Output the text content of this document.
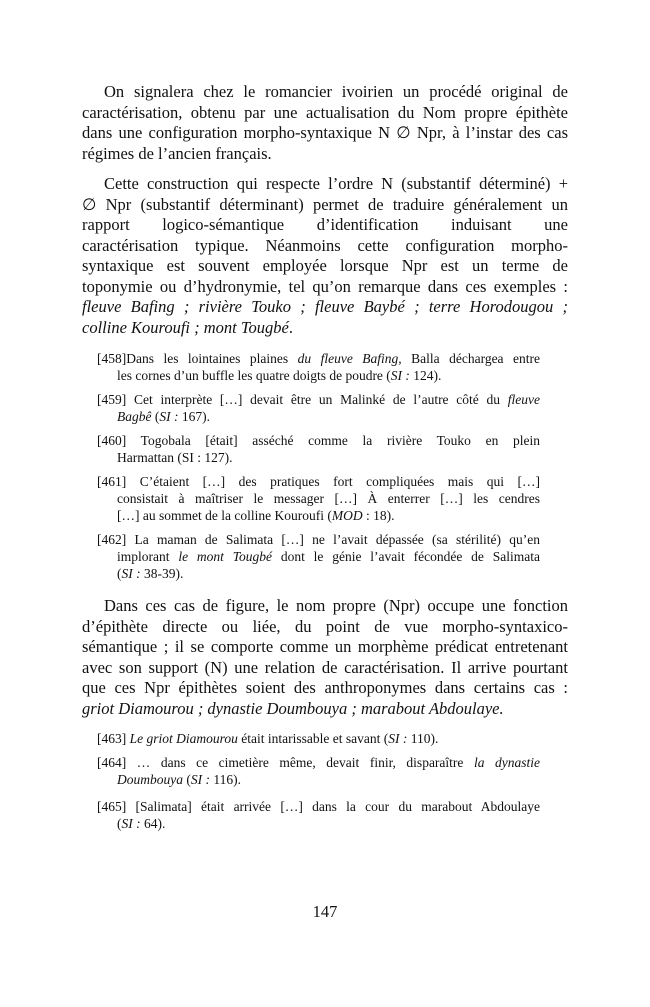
On signalera chez le romancier ivoirien un procédé original de
caractérisation, obtenu par une actualisation du Nom propre épithète
dans une configuration morpho-syntaxique N ∅ Npr, à l’instar des cas
régimes de l’ancien français.
Cette construction qui respecte l’ordre N (substantif déterminé) +
∅ Npr (substantif déterminant) permet de traduire généralement un
rapport logico-sémantique d’identification induisant une
caractérisation typique. Néanmoins cette configuration morpho-
syntaxique est souvent employée lorsque Npr est un terme de
toponymie ou d’hydronymie, tel qu’on remarque dans ces exemples :
fleuve Bafing ; rivière Touko ; fleuve Baybé ; terre Horodougou ;
colline Kouroufi ; mont Tougbé.
[458]Dans les lointaines plaines du fleuve Bafing, Balla déchargea entre
les cornes d’un buffle les quatre doigts de poudre (SI : 124).
[459] Cet interprète […] devait être un Malinké de l’autre côté du fleuve
Bagbê (SI : 167).
[460] Togobala [était] asséché comme la rivière Touko en plein
Harmattan (SI : 127).
[461] C’étaient […] des pratiques fort compliquées mais qui […]
consistait à maîtriser le messager […] À enterrer […] les cendres
[…] au sommet de la colline Kouroufi (MOD : 18).
[462] La maman de Salimata […] ne l’avait dépassée (sa stérilité) qu’en
implorant le mont Tougbé dont le génie l’avait fécondée de Salimata
(SI : 38-39).
Dans ces cas de figure, le nom propre (Npr) occupe une fonction
d’épithète directe ou liée, du point de vue morpho-syntaxico-
sémantique ; il se comporte comme un morphème prédicat entretenant
avec son support (N) une relation de caractérisation. Il arrive pourtant
que ces Npr épithètes soient des anthroponymes dans certains cas :
griot Diamourou ; dynastie Doumbouya ; marabout Abdoulaye.
[463] Le griot Diamourou était intarissable et savant (SI : 110).
[464] … dans ce cimetière même, devait finir, disparaître la dynastie
Doumbouya (SI : 116).
[465] [Salimata] était arrivée […] dans la cour du marabout Abdoulaye
(SI : 64).
147
